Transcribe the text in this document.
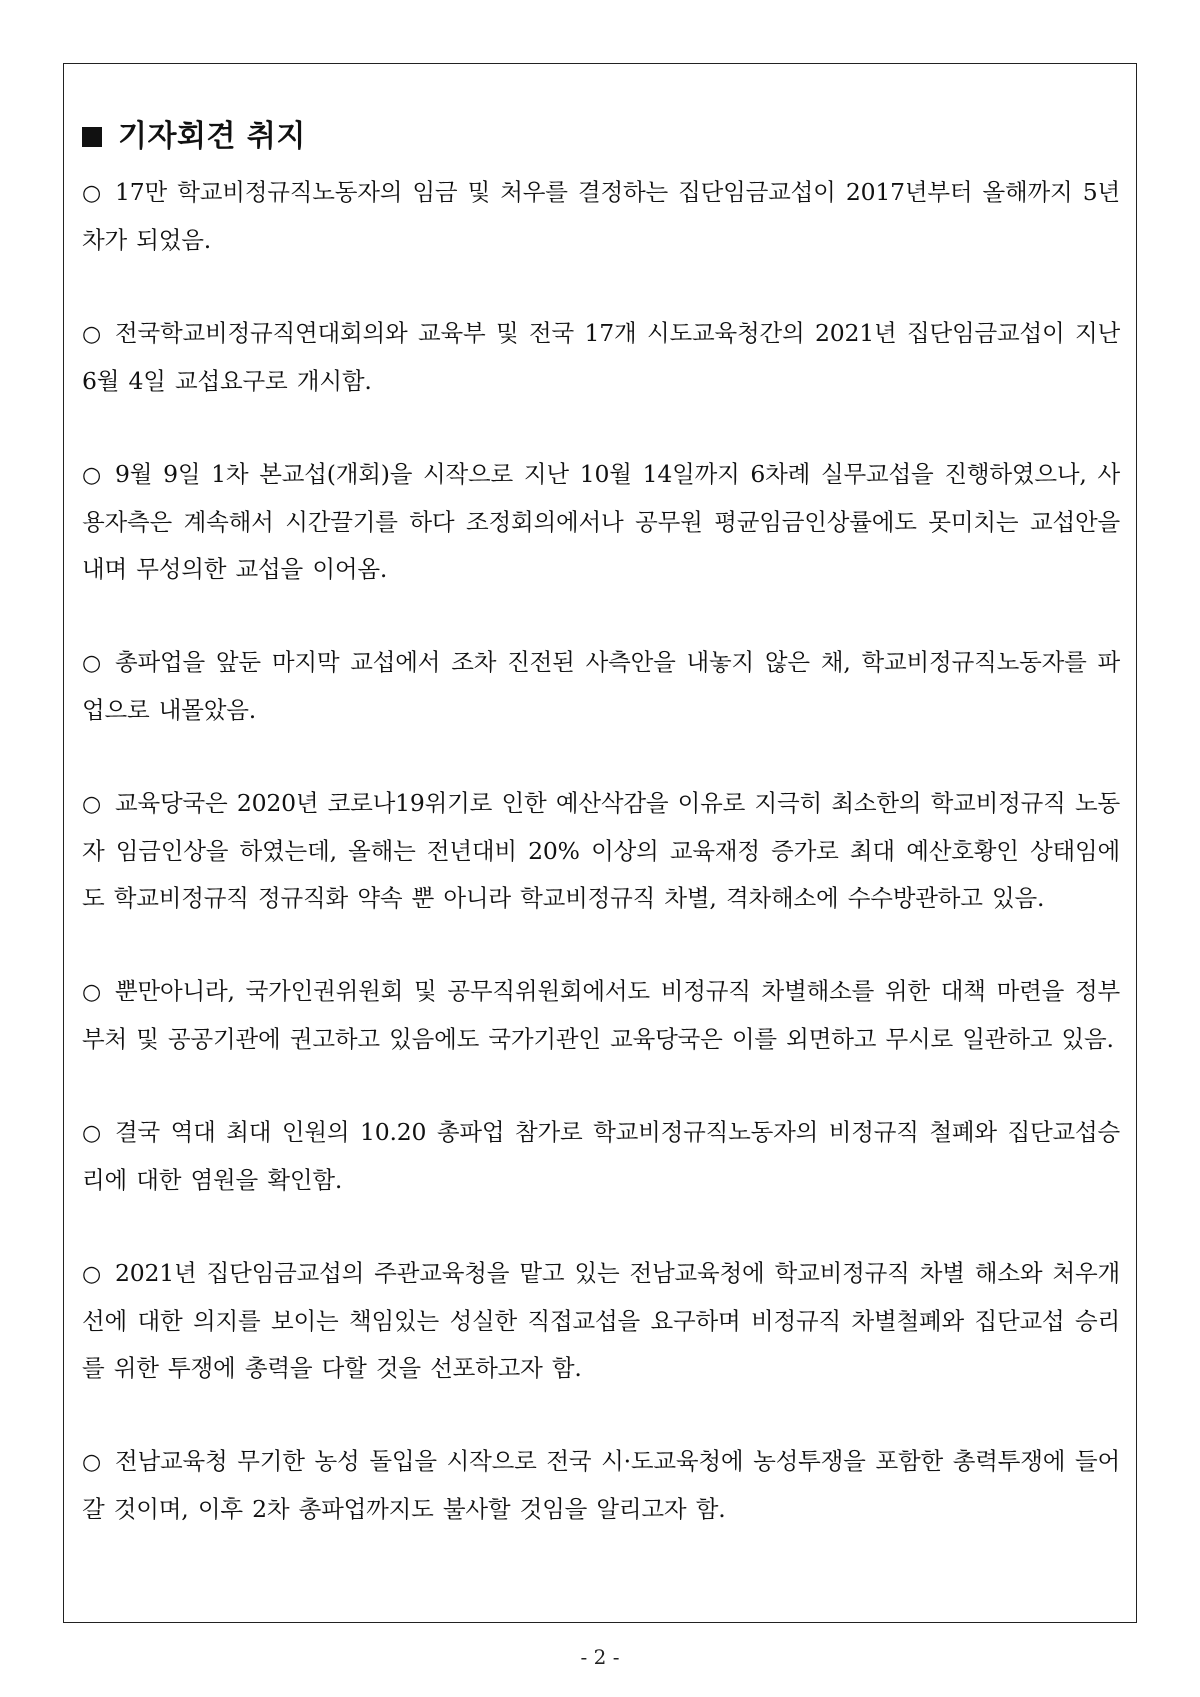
기자회견 취지

○ 17만 학교비정규직노동자의 임금 및 처우를 결정하는 집단임금교섭이 2017년부터 올해까지 5년차가 되었음.

○ 전국학교비정규직연대회의와 교육부 및 전국 17개 시도교육청간의 2021년 집단임금교섭이 지난 6월 4일 교섭요구로 개시함.

○ 9월 9일 1차 본교섭(개회)을 시작으로 지난 10월 14일까지 6차례 실무교섭을 진행하였으나, 사용자측은 계속해서 시간끌기를 하다 조정회의에서나 공무원 평균임금인상률에도 못미치는 교섭안을 내며 무성의한 교섭을 이어옴.

○ 총파업을 앞둔 마지막 교섭에서 조차 진전된 사측안을 내놓지 않은 채, 학교비정규직노동자를 파업으로 내몰았음.

○ 교육당국은 2020년 코로나19위기로 인한 예산삭감을 이유로 지극히 최소한의 학교비정규직 노동자 임금인상을 하였는데, 올해는 전년대비 20% 이상의 교육재정 증가로 최대 예산호황인 상태임에도 학교비정규직 정규직화 약속 뿐 아니라 학교비정규직 차별, 격차해소에 수수방관하고 있음.

○ 뿐만아니라, 국가인권위원회 및 공무직위원회에서도 비정규직 차별해소를 위한 대책 마련을 정부 부처 및 공공기관에 권고하고 있음에도 국가기관인 교육당국은 이를 외면하고 무시로 일관하고 있음.

○ 결국 역대 최대 인원의 10.20 총파업 참가로 학교비정규직노동자의 비정규직 철폐와 집단교섭승리에 대한 염원을 확인함.

○ 2021년 집단임금교섭의 주관교육청을 맡고 있는 전남교육청에 학교비정규직 차별 해소와 처우개선에 대한 의지를 보이는 책임있는 성실한 직접교섭을 요구하며 비정규직 차별철폐와 집단교섭 승리를 위한 투쟁에 총력을 다할 것을 선포하고자 함.

○ 전남교육청 무기한 농성 돌입을 시작으로 전국 시·도교육청에 농성투쟁을 포함한 총력투쟁에 들어갈 것이며, 이후 2차 총파업까지도 불사할 것임을 알리고자 함.

- 2 -
